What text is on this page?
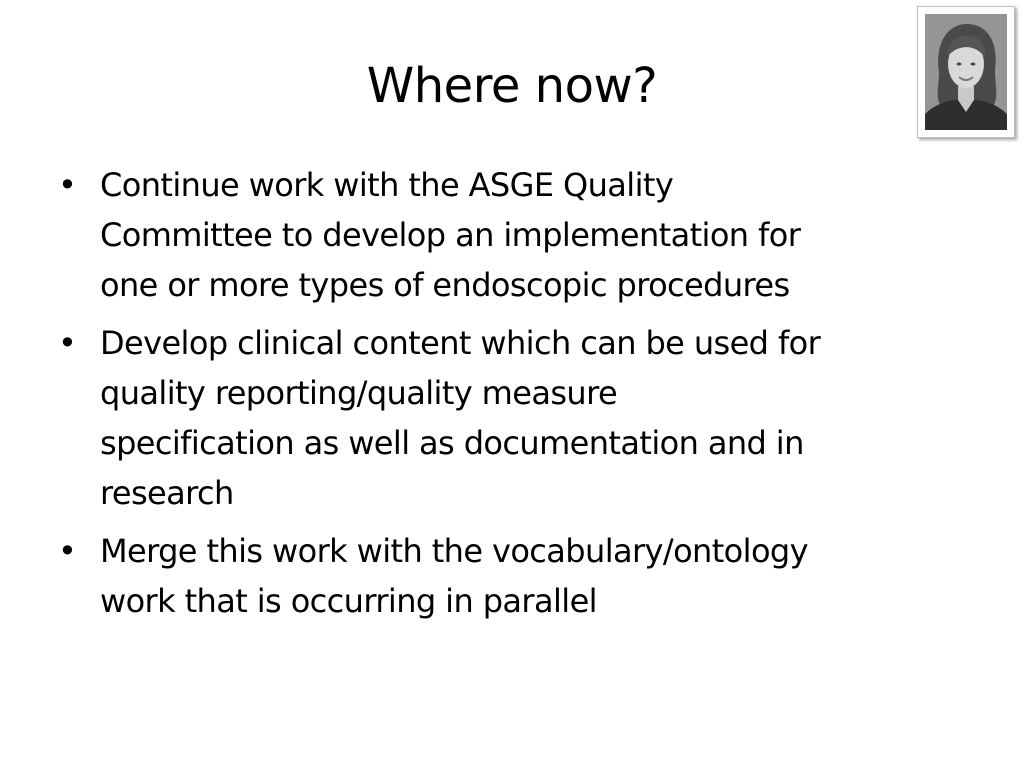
Where now?
• Continue work with the ASGE Quality
Committee to develop an implementation for
one or more types of endoscopic procedures
• Develop clinical content which can be used for
quality reporting/quality measure
specification as well as documentation and in
research
• Merge this work with the vocabulary/ontology
work that is occurring in parallel
